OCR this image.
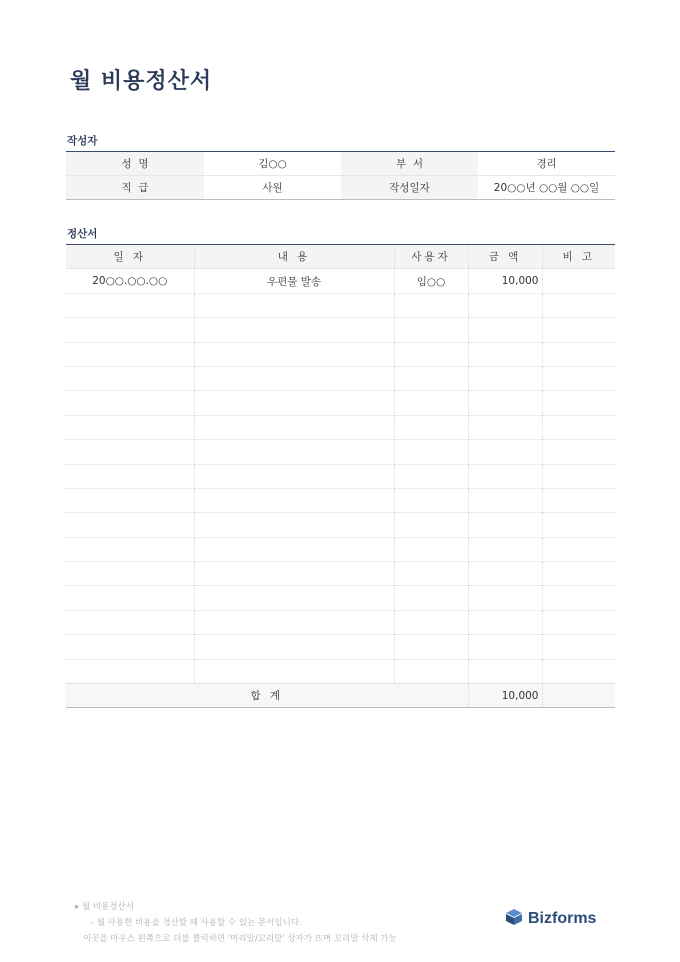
월 비용정산서
작성자
성  명	김○○	부  서	경리
직  급	사원	작성일자	20○○년 ○○월 ○○일
정산서
일 자	내 용	사용자	금 액	비 고
20○○.○○.○○	우편물 발송	임○○	10,000	

합 계			10,000	
▸ 월 비용정산서
- 월 사용한 비용을 정산할 때 사용할 수 있는 문서입니다.
이곳을 마우스 왼쪽으로 더블 클릭하면 '머리말/꼬리말' 상자가 뜨며 꼬리말 삭제 가능
Bizforms
